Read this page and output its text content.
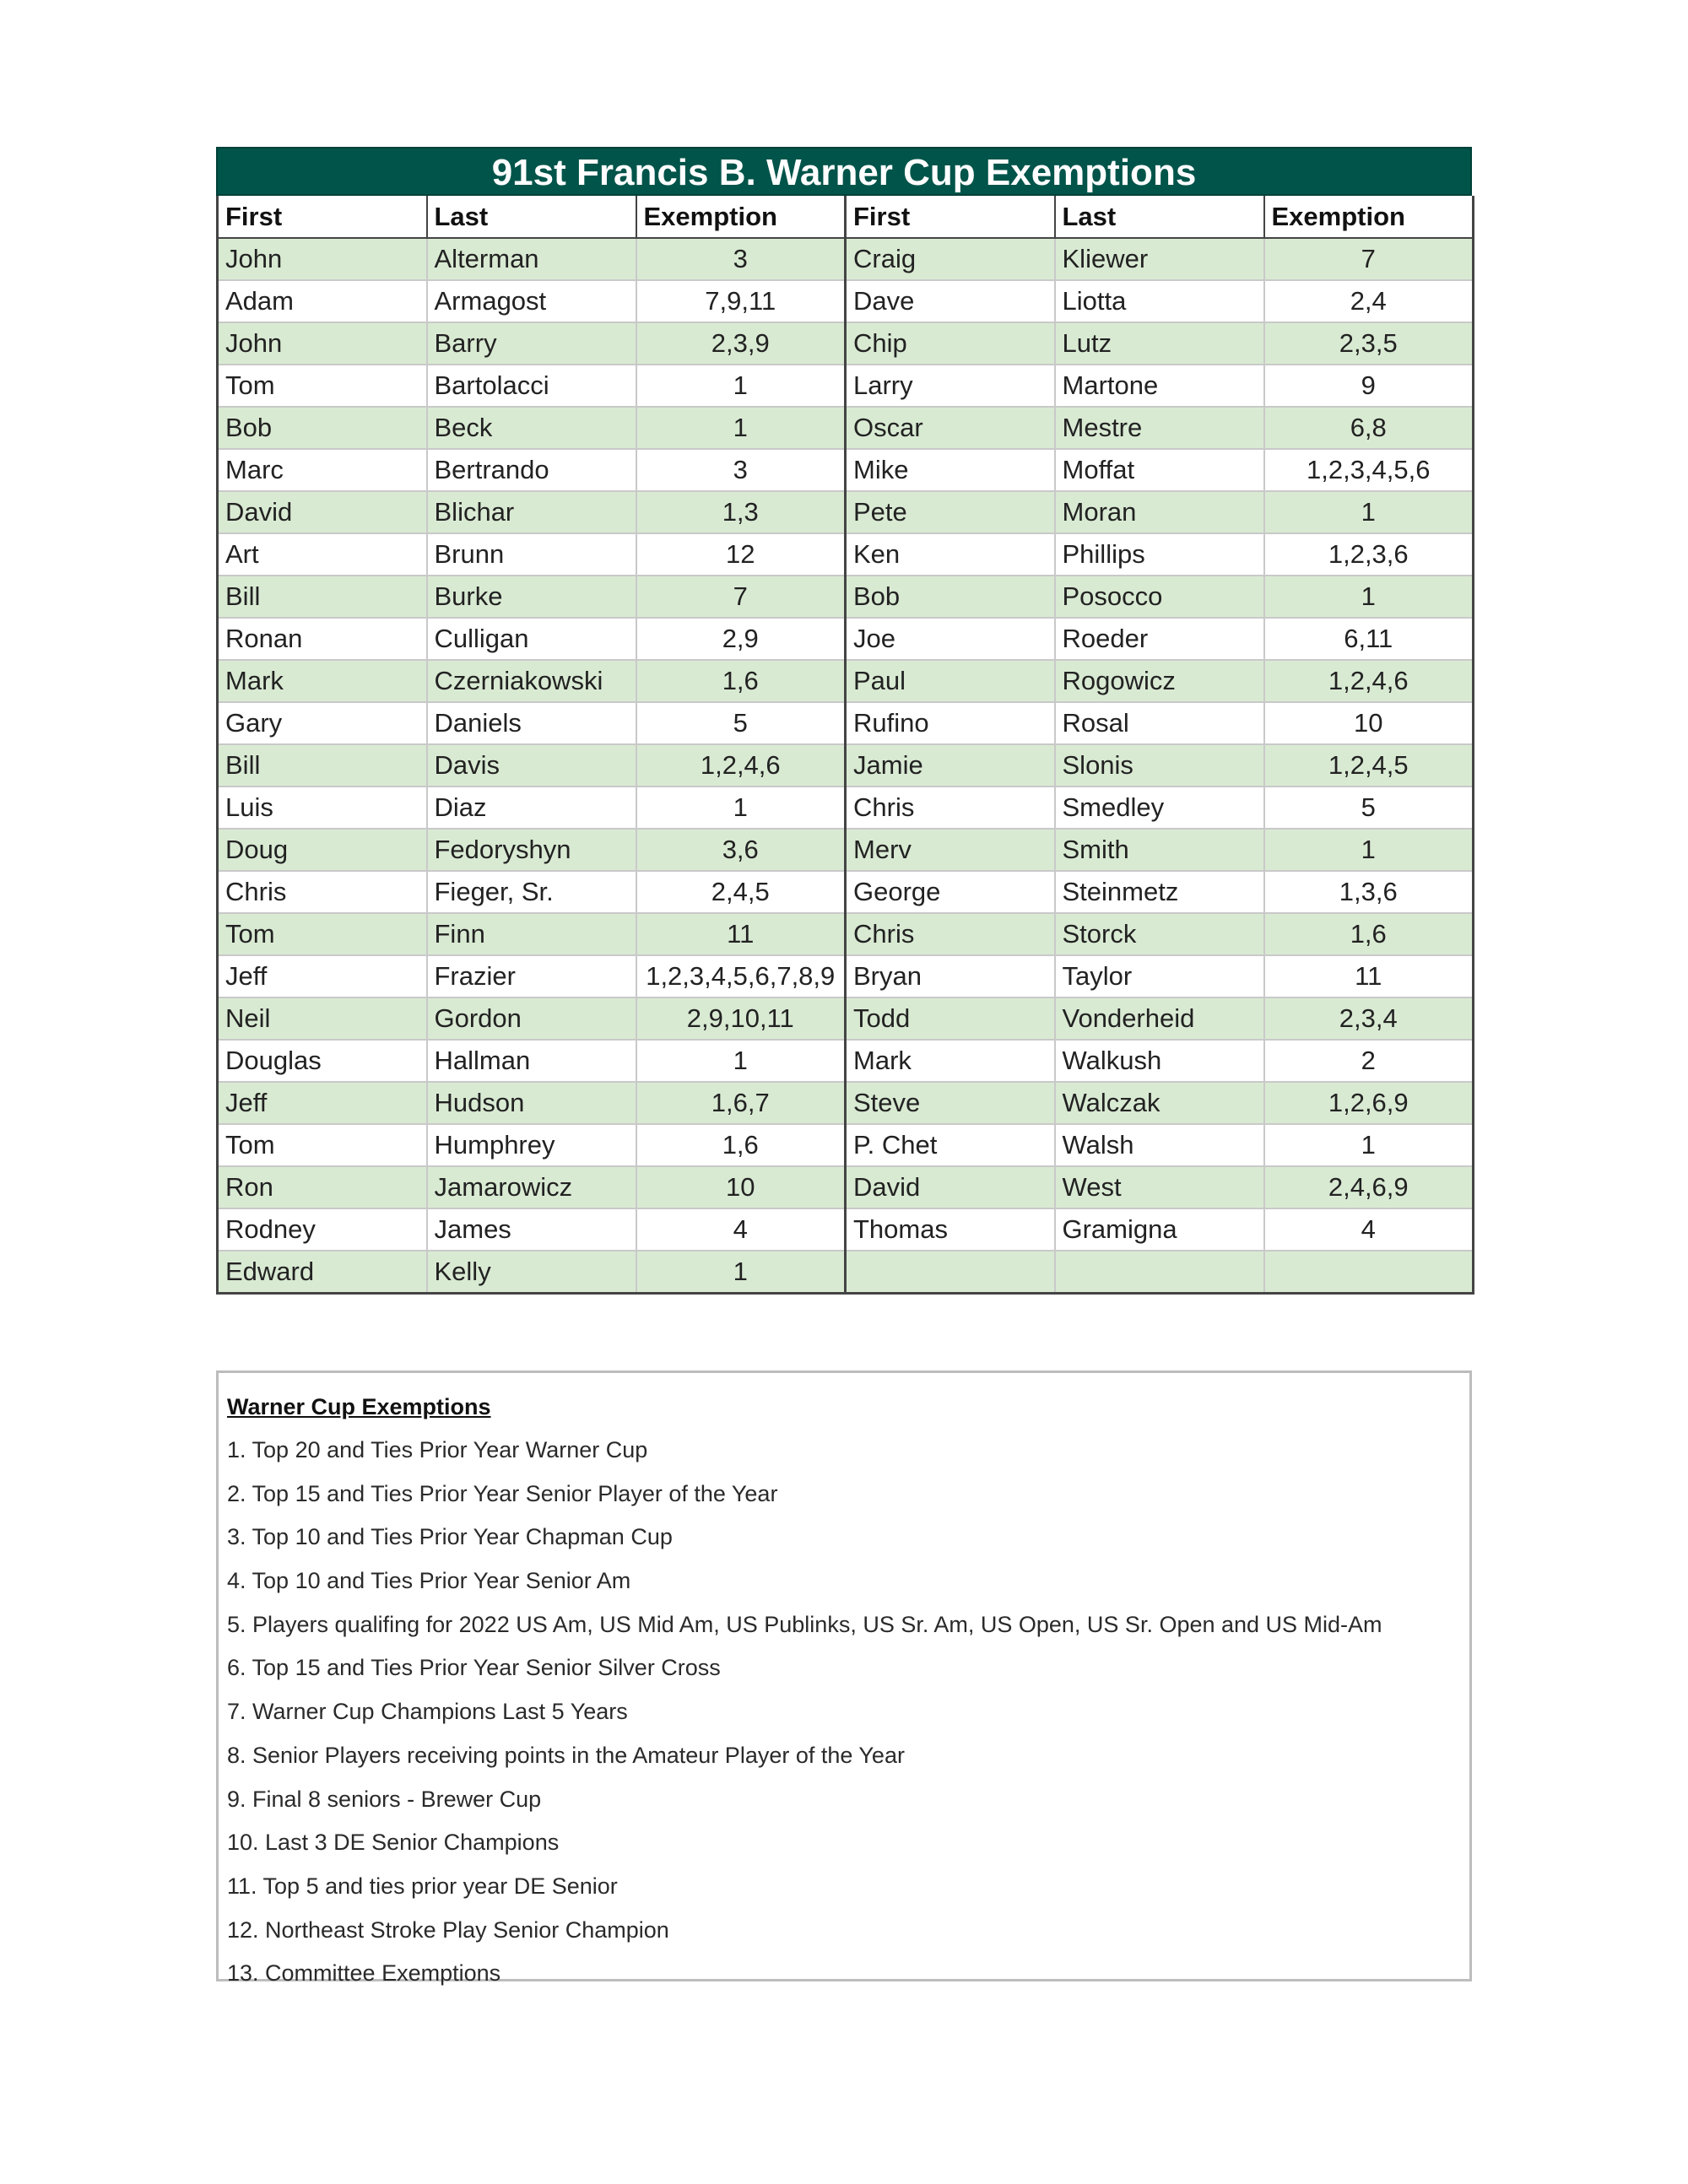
91st Francis B. Warner Cup Exemptions
First	Last	Exemption	First	Last	Exemption
John	Alterman	3	Craig	Kliewer	7
Adam	Armagost	7,9,11	Dave	Liotta	2,4
John	Barry	2,3,9	Chip	Lutz	2,3,5
Tom	Bartolacci	1	Larry	Martone	9
Bob	Beck	1	Oscar	Mestre	6,8
Marc	Bertrando	3	Mike	Moffat	1,2,3,4,5,6
David	Blichar	1,3	Pete	Moran	1
Art	Brunn	12	Ken	Phillips	1,2,3,6
Bill	Burke	7	Bob	Posocco	1
Ronan	Culligan	2,9	Joe	Roeder	6,11
Mark	Czerniakowski	1,6	Paul	Rogowicz	1,2,4,6
Gary	Daniels	5	Rufino	Rosal	10
Bill	Davis	1,2,4,6	Jamie	Slonis	1,2,4,5
Luis	Diaz	1	Chris	Smedley	5
Doug	Fedoryshyn	3,6	Merv	Smith	1
Chris	Fieger, Sr.	2,4,5	George	Steinmetz	1,3,6
Tom	Finn	11	Chris	Storck	1,6
Jeff	Frazier	1,2,3,4,5,6,7,8,9	Bryan	Taylor	11
Neil	Gordon	2,9,10,11	Todd	Vonderheid	2,3,4
Douglas	Hallman	1	Mark	Walkush	2
Jeff	Hudson	1,6,7	Steve	Walczak	1,2,6,9
Tom	Humphrey	1,6	P. Chet	Walsh	1
Ron	Jamarowicz	10	David	West	2,4,6,9
Rodney	James	4	Thomas	Gramigna	4
Edward	Kelly	1			
Warner Cup Exemptions
1. Top 20 and Ties Prior Year Warner Cup
2. Top 15 and Ties Prior Year Senior Player of the Year
3. Top 10 and Ties Prior Year Chapman Cup
4. Top 10 and Ties Prior Year Senior Am
5. Players qualifing for 2022 US Am, US Mid Am, US Publinks, US Sr. Am, US Open, US Sr. Open and US Mid-Am
6. Top 15 and Ties Prior Year Senior Silver Cross
7. Warner Cup Champions Last 5 Years
8. Senior Players receiving points in the Amateur Player of the Year
9. Final 8 seniors - Brewer Cup
10. Last 3 DE Senior Champions
11. Top 5 and ties prior year DE Senior
12. Northeast Stroke Play Senior Champion
13. Committee Exemptions
